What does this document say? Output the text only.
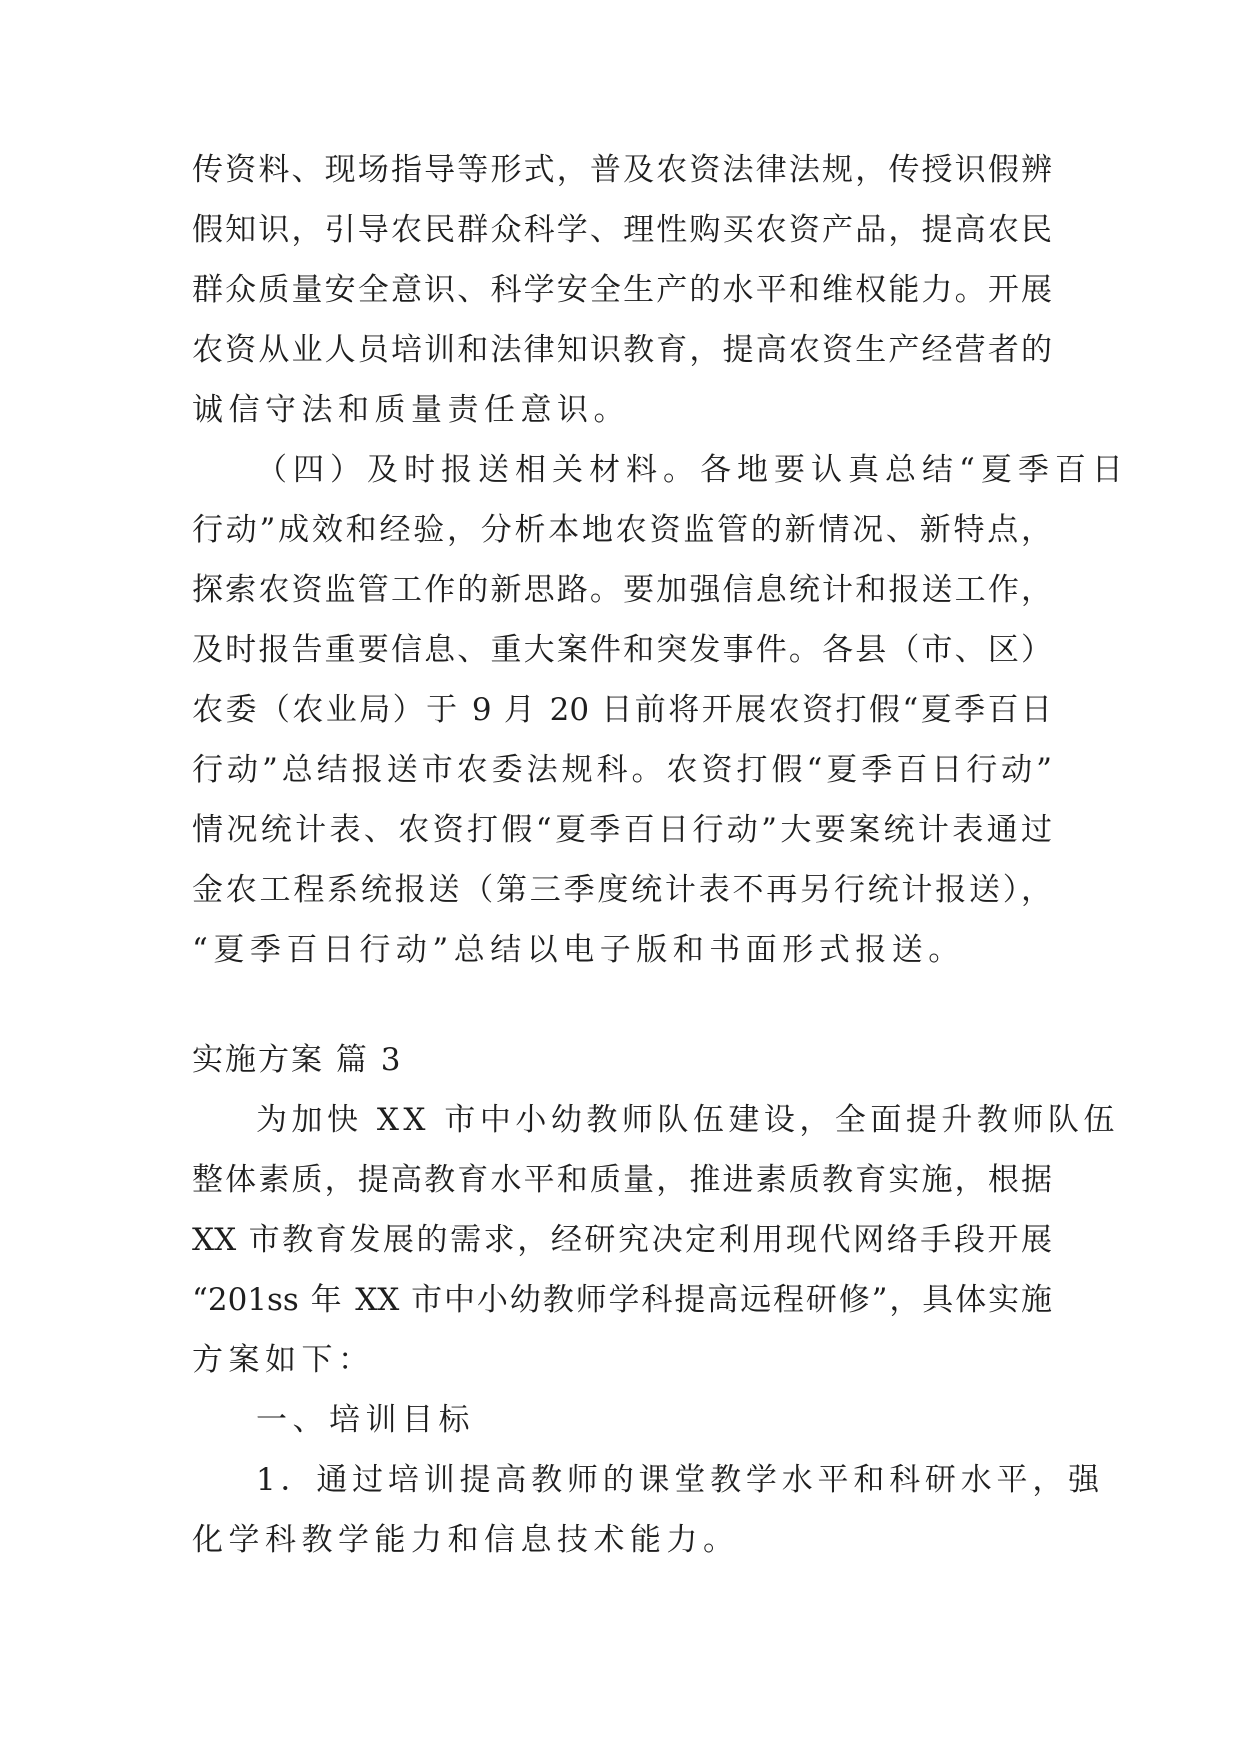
传资料、现场指导等形式，普及农资法律法规，传授识假辨
假知识，引导农民群众科学、理性购买农资产品，提高农民
群众质量安全意识、科学安全生产的水平和维权能力。开展
农资从业人员培训和法律知识教育，提高农资生产经营者的
诚信守法和质量责任意识。
（四）及时报送相关材料。各地要认真总结“夏季百日
行动”成效和经验，分析本地农资监管的新情况、新特点，
探索农资监管工作的新思路。要加强信息统计和报送工作，
及时报告重要信息、重大案件和突发事件。各县（市、区）
农委（农业局）于 9 月 20 日前将开展农资打假“夏季百日
行动”总结报送市农委法规科。农资打假“夏季百日行动”
情况统计表、农资打假“夏季百日行动”大要案统计表通过
金农工程系统报送（第三季度统计表不再另行统计报送），
“夏季百日行动”总结以电子版和书面形式报送。
实施方案 篇 3
为加快 XX 市中小幼教师队伍建设，全面提升教师队伍
整体素质，提高教育水平和质量，推进素质教育实施，根据
XX 市教育发展的需求，经研究决定利用现代网络手段开展
“201ss 年 XX 市中小幼教师学科提高远程研修”，具体实施
方案如下：
一、培训目标
1．通过培训提高教师的课堂教学水平和科研水平，强
化学科教学能力和信息技术能力。
